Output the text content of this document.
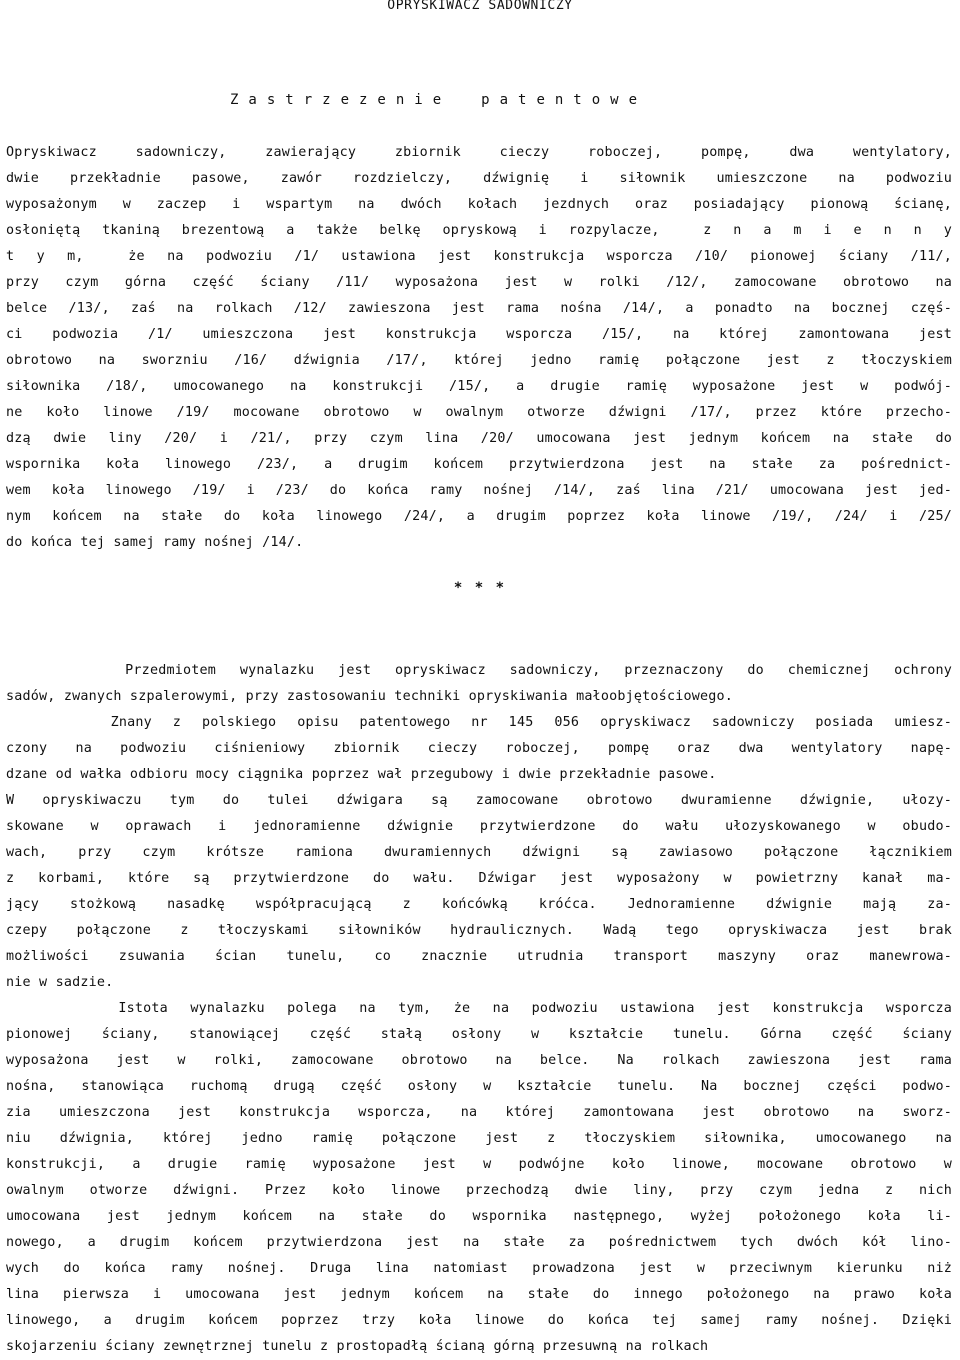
OPRYSKIWACZ SADOWNICZY
Zastrzezenie patentowe
Opryskiwacz sadowniczy, zawierający zbiornik cieczy roboczej, pompę, dwa wentylatory,
dwie przekładnie pasowe, zawór rozdzielczy, dźwignię i siłownik umieszczone na podwoziu
wyposażonym w zaczep i wspartym na dwóch kołach jezdnych oraz posiadający pionową ścianę,
osłoniętą tkaniną brezentową a także belkę opryskową i rozpylacze,  z n a m i e n n y
t y m,  że na podwoziu /1/ ustawiona jest konstrukcja wsporcza /10/ pionowej ściany /11/,
przy czym górna część ściany /11/ wyposażona jest w rolki /12/, zamocowane obrotowo na
belce /13/, zaś na rolkach /12/ zawieszona jest rama nośna /14/, a ponadto na bocznej częś-
ci podwozia /1/ umieszczona jest konstrukcja wsporcza /15/, na której zamontowana jest
obrotowo na sworzniu /16/ dźwignia /17/, której jedno ramię połączone jest z tłoczyskiem
siłownika /18/, umocowanego na konstrukcji /15/, a drugie ramię wyposażone jest w podwój-
ne koło linowe /19/ mocowane obrotowo w owalnym otworze dźwigni /17/, przez które przecho-
dzą dwie liny /20/ i /21/, przy czym lina /20/ umocowana jest jednym końcem na stałe do
wspornika koła linowego /23/, a drugim końcem przytwierdzona jest na stałe za pośrednict-
wem koła linowego /19/ i /23/ do końca ramy nośnej /14/, zaś lina /21/ umocowana jest jed-
nym końcem na stałe do koła linowego /24/, a drugim poprzez koła linowe /19/, /24/ i /25/
do końca tej samej ramy nośnej /14/.
* * *
Przedmiotem wynalazku jest opryskiwacz sadowniczy, przeznaczony do chemicznej ochrony
sadów, zwanych szpalerowymi, przy zastosowaniu techniki opryskiwania małoobjętościowego.
Znany z polskiego opisu patentowego nr 145 056 opryskiwacz sadowniczy posiada umiesz-
czony na podwoziu ciśnieniowy zbiornik cieczy roboczej, pompę oraz dwa wentylatory napę-
dzane od wałka odbioru mocy ciągnika poprzez wał przegubowy i dwie przekładnie pasowe.
W opryskiwaczu tym do tulei dźwigara są zamocowane obrotowo dwuramienne dźwignie, ułozy-
skowane w oprawach i jednoramienne dźwignie przytwierdzone do wału ułozyskowanego w obudo-
wach, przy czym krótsze ramiona dwuramiennych dźwigni są zawiasowo połączone łącznikiem
z korbami, które są przytwierdzone do wału. Dźwigar jest wyposażony w powietrzny kanał ma-
jący stożkową nasadkę współpracującą z końcówką króćca. Jednoramienne dźwignie mają za-
czepy połączone z tłoczyskami siłowników hydraulicznych. Wadą tego opryskiwacza jest brak
możliwości zsuwania ścian tunelu, co znacznie utrudnia transport maszyny oraz manewrowa-
nie w sadzie.
Istota wynalazku polega na tym, że na podwoziu ustawiona jest konstrukcja wsporcza
pionowej ściany, stanowiącej część stałą osłony w kształcie tunelu. Górna część ściany
wyposażona jest w rolki, zamocowane obrotowo na belce. Na rolkach zawieszona jest rama
nośna, stanowiąca ruchomą drugą część osłony w kształcie tunelu. Na bocznej części podwo-
zia umieszczona jest konstrukcja wsporcza, na której zamontowana jest obrotowo na sworz-
niu dźwignia, której jedno ramię połączone jest z tłoczyskiem siłownika, umocowanego na
konstrukcji, a drugie ramię wyposażone jest w podwójne koło linowe, mocowane obrotowo w
owalnym otworze dźwigni. Przez koło linowe przechodzą dwie liny, przy czym jedna z nich
umocowana jest jednym końcem na stałe do wspornika następnego, wyżej położonego koła li-
nowego, a drugim końcem przytwierdzona jest na stałe za pośrednictwem tych dwóch kół lino-
wych do końca ramy nośnej. Druga lina natomiast prowadzona jest w przeciwnym kierunku niż
lina pierwsza i umocowana jest jednym końcem na stałe do innego położonego na prawo koła
linowego, a drugim końcem poprzez trzy koła linowe do końca tej samej ramy nośnej. Dzięki
skojarzeniu ściany zewnętrznej tunelu z prostopadłą ścianą górną przesuwną na rolkach
